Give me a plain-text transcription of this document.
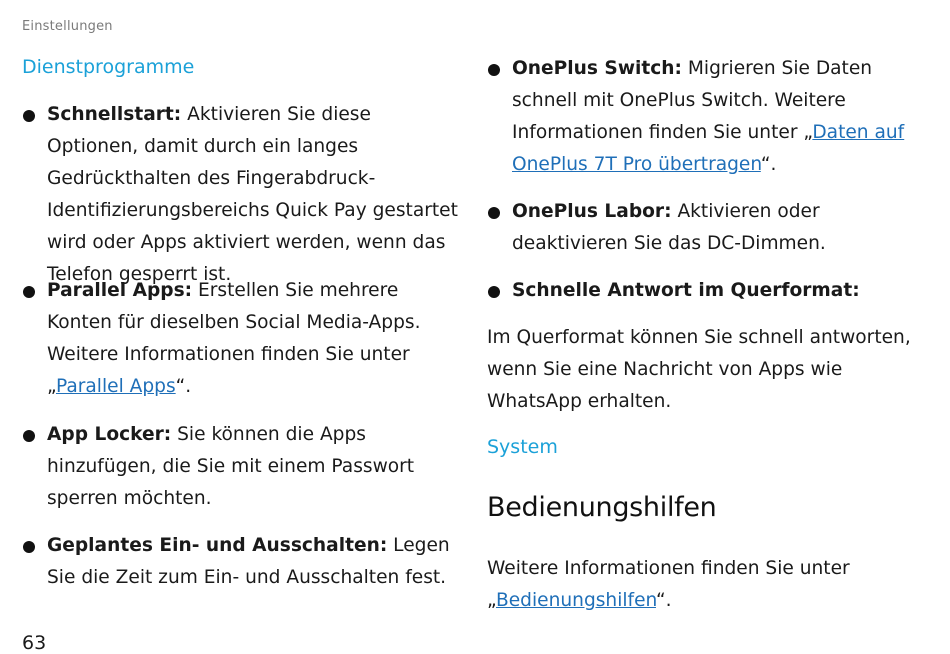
Einstellungen
Dienstprogramme
Schnellstart: Aktivieren Sie diese Optionen, damit durch ein langes Gedrückthalten des Fingerabdruck-Identifizierungsbereichs Quick Pay gestartet wird oder Apps aktiviert werden, wenn das Telefon gesperrt ist.
Parallel Apps: Erstellen Sie mehrere Konten für dieselben Social Media-Apps. Weitere Informationen finden Sie unter „Parallel Apps“.
App Locker: Sie können die Apps hinzufügen, die Sie mit einem Passwort sperren möchten.
Geplantes Ein- und Ausschalten: Legen Sie die Zeit zum Ein- und Ausschalten fest.
OnePlus Switch: Migrieren Sie Daten schnell mit OnePlus Switch. Weitere Informationen finden Sie unter „Daten auf OnePlus 7T Pro übertragen“.
OnePlus Labor: Aktivieren oder deaktivieren Sie das DC-Dimmen.
Schnelle Antwort im Querformat:
Im Querformat können Sie schnell antworten, wenn Sie eine Nachricht von Apps wie WhatsApp erhalten.
System
Bedienungshilfen
Weitere Informationen finden Sie unter „Bedienungshilfen“.
63
